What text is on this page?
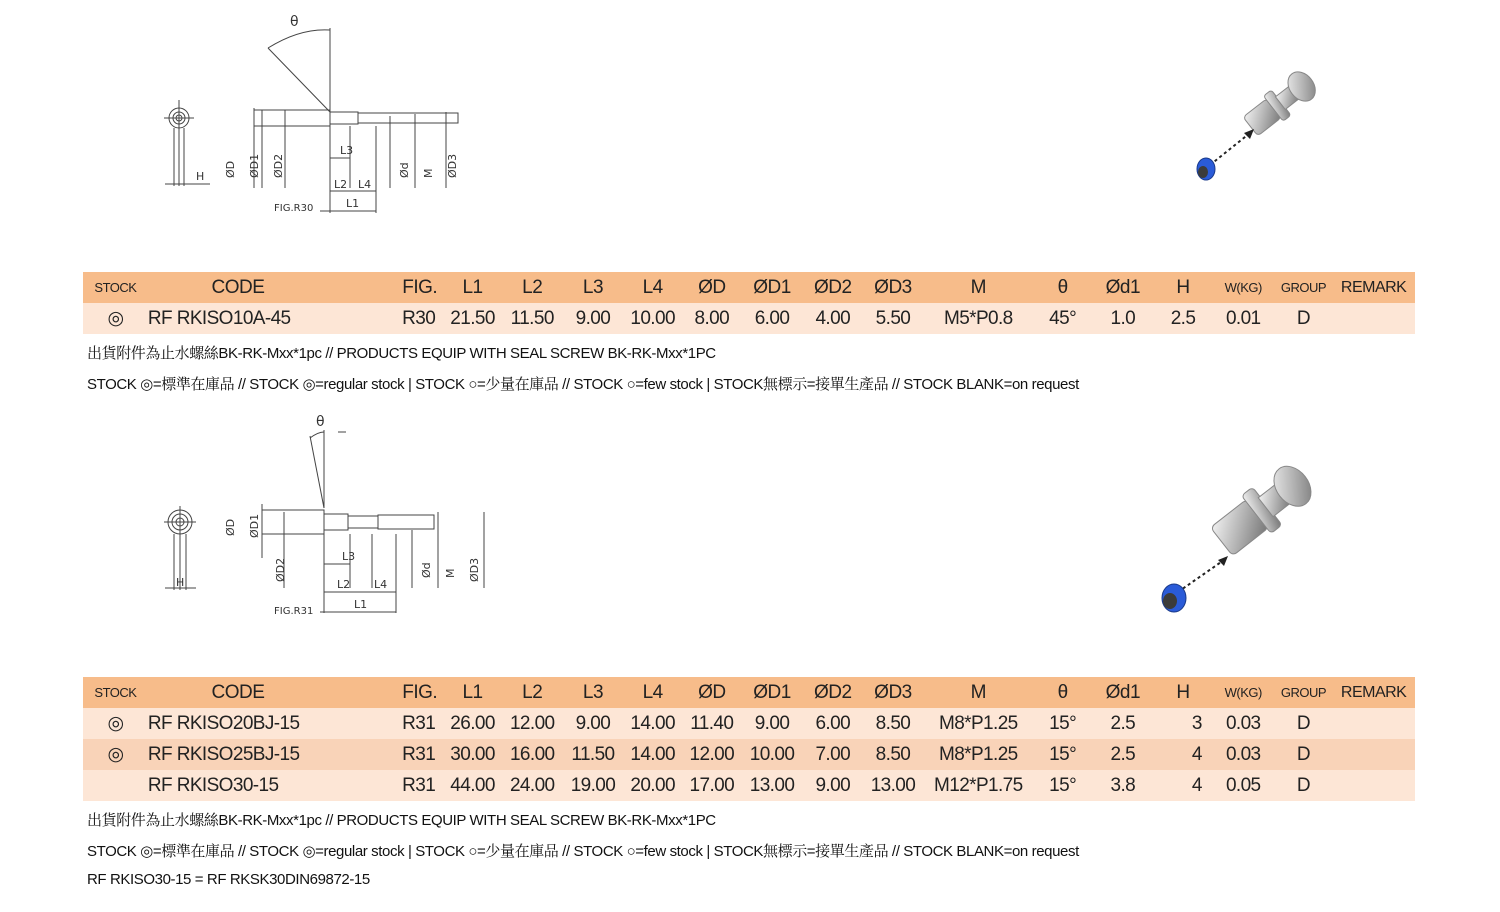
H
θ
L3
L2 L4
L1
FIG.R30
ØD ØD1 ØD2	Ød M ØD3
STOCK	CODE	FIG.	L1	L2	L3	L4	ØD	ØD1	ØD2	ØD3	M	θ	Ød1	H	W(KG)	GROUP	REMARK
◎	RF RKISO10A-45	R30	21.50	11.50	9.00	10.00	8.00	6.00	4.00	5.50	M5*P0.8	45°	1.0	2.5	0.01	D	
出貨附件為止水螺絲BK-RK-Mxx*1pc // PRODUCTS EQUIP WITH SEAL SCREW BK-RK-Mxx*1PC
STOCK ◎=標準在庫品 // STOCK ◎=regular stock | STOCK ○=少量在庫品 // STOCK ○=few stock | STOCK無標示=接單生產品 // STOCK BLANK=on request
H
θ
L3
L2 L4
L1
FIG.R31
ØD ØD1
ØD2	Ød M ØD3
STOCK	CODE	FIG.	L1	L2	L3	L4	ØD	ØD1	ØD2	ØD3	M	θ	Ød1	H	W(KG)	GROUP	REMARK
◎	RF RKISO20BJ-15	R31	26.00	12.00	9.00	14.00	11.40	9.00	6.00	8.50	M8*P1.25	15°	2.5	3	0.03	D	
◎	RF RKISO25BJ-15	R31	30.00	16.00	11.50	14.00	12.00	10.00	7.00	8.50	M8*P1.25	15°	2.5	4	0.03	D	
	RF RKISO30-15	R31	44.00	24.00	19.00	20.00	17.00	13.00	9.00	13.00	M12*P1.75	15°	3.8	4	0.05	D	
出貨附件為止水螺絲BK-RK-Mxx*1pc // PRODUCTS EQUIP WITH SEAL SCREW BK-RK-Mxx*1PC
STOCK ◎=標準在庫品 // STOCK ◎=regular stock | STOCK ○=少量在庫品 // STOCK ○=few stock | STOCK無標示=接單生產品 // STOCK BLANK=on request
RF RKISO30-15 = RF RKSK30DIN69872-15
